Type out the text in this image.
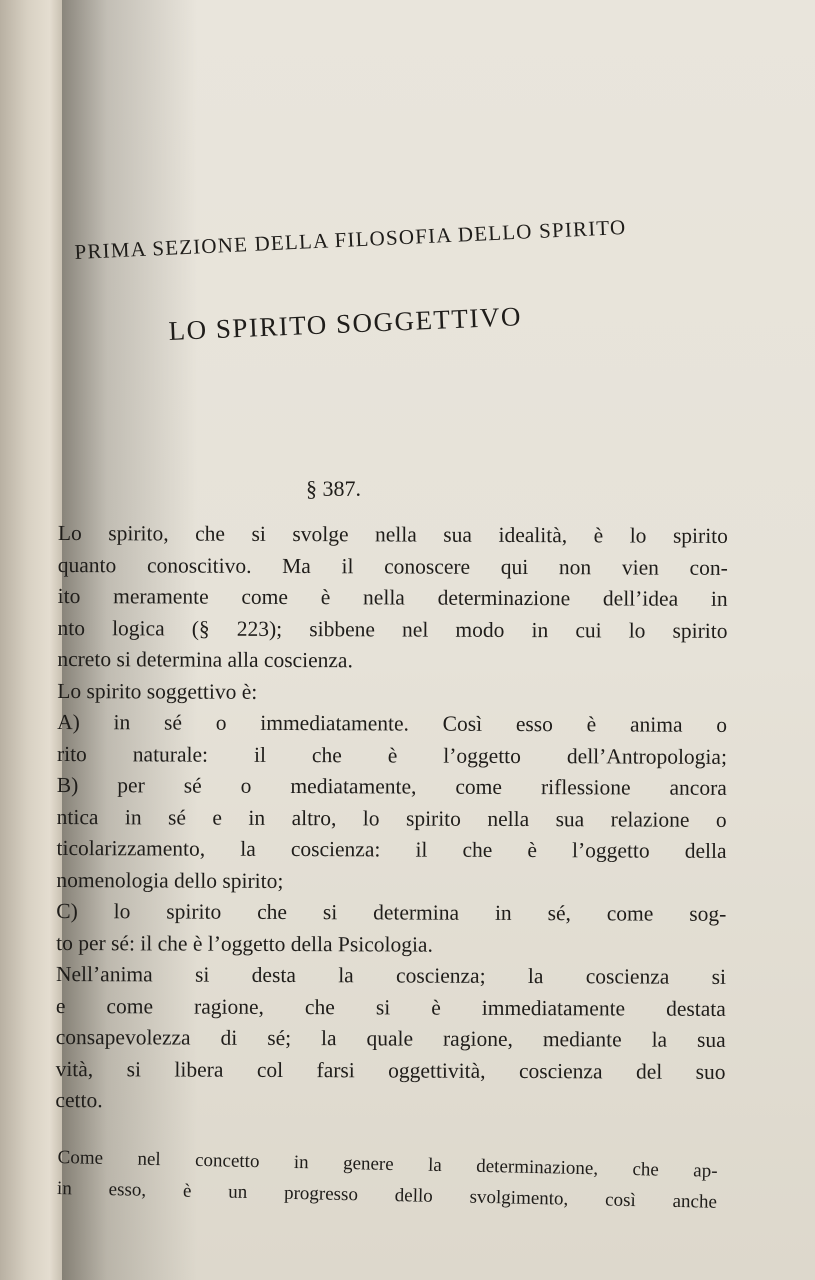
PRIMA SEZIONE DELLA FILOSOFIA DELLO SPIRITO
LO SPIRITO SOGGETTIVO
§ 387.
Lo spirito, che si svolge nella sua idealità, è lo spirito
quanto conoscitivo. Ma il conoscere qui non vien con-
ito meramente come è nella determinazione dell’idea in
nto logica (§ 223); sibbene nel modo in cui lo spirito
ncreto si determina alla coscienza.
Lo spirito soggettivo è:
A) in sé o immediatamente. Così esso è anima o
rito naturale: il che è l’oggetto dell’Antropologia;
B) per sé o mediatamente, come riflessione ancora
ntica in sé e in altro, lo spirito nella sua relazione o
ticolarizzamento, la coscienza: il che è l’oggetto della
nomenologia dello spirito;
C) lo spirito che si determina in sé, come sog-
to per sé: il che è l’oggetto della Psicologia.
Nell’anima si desta la coscienza; la coscienza si
e come ragione, che si è immediatamente destata
consapevolezza di sé; la quale ragione, mediante la sua
vità, si libera col farsi oggettività, coscienza del suo
cetto.
Come nel concetto in genere la determinazione, che ap-
in esso, è un progresso dello svolgimento, così anche
